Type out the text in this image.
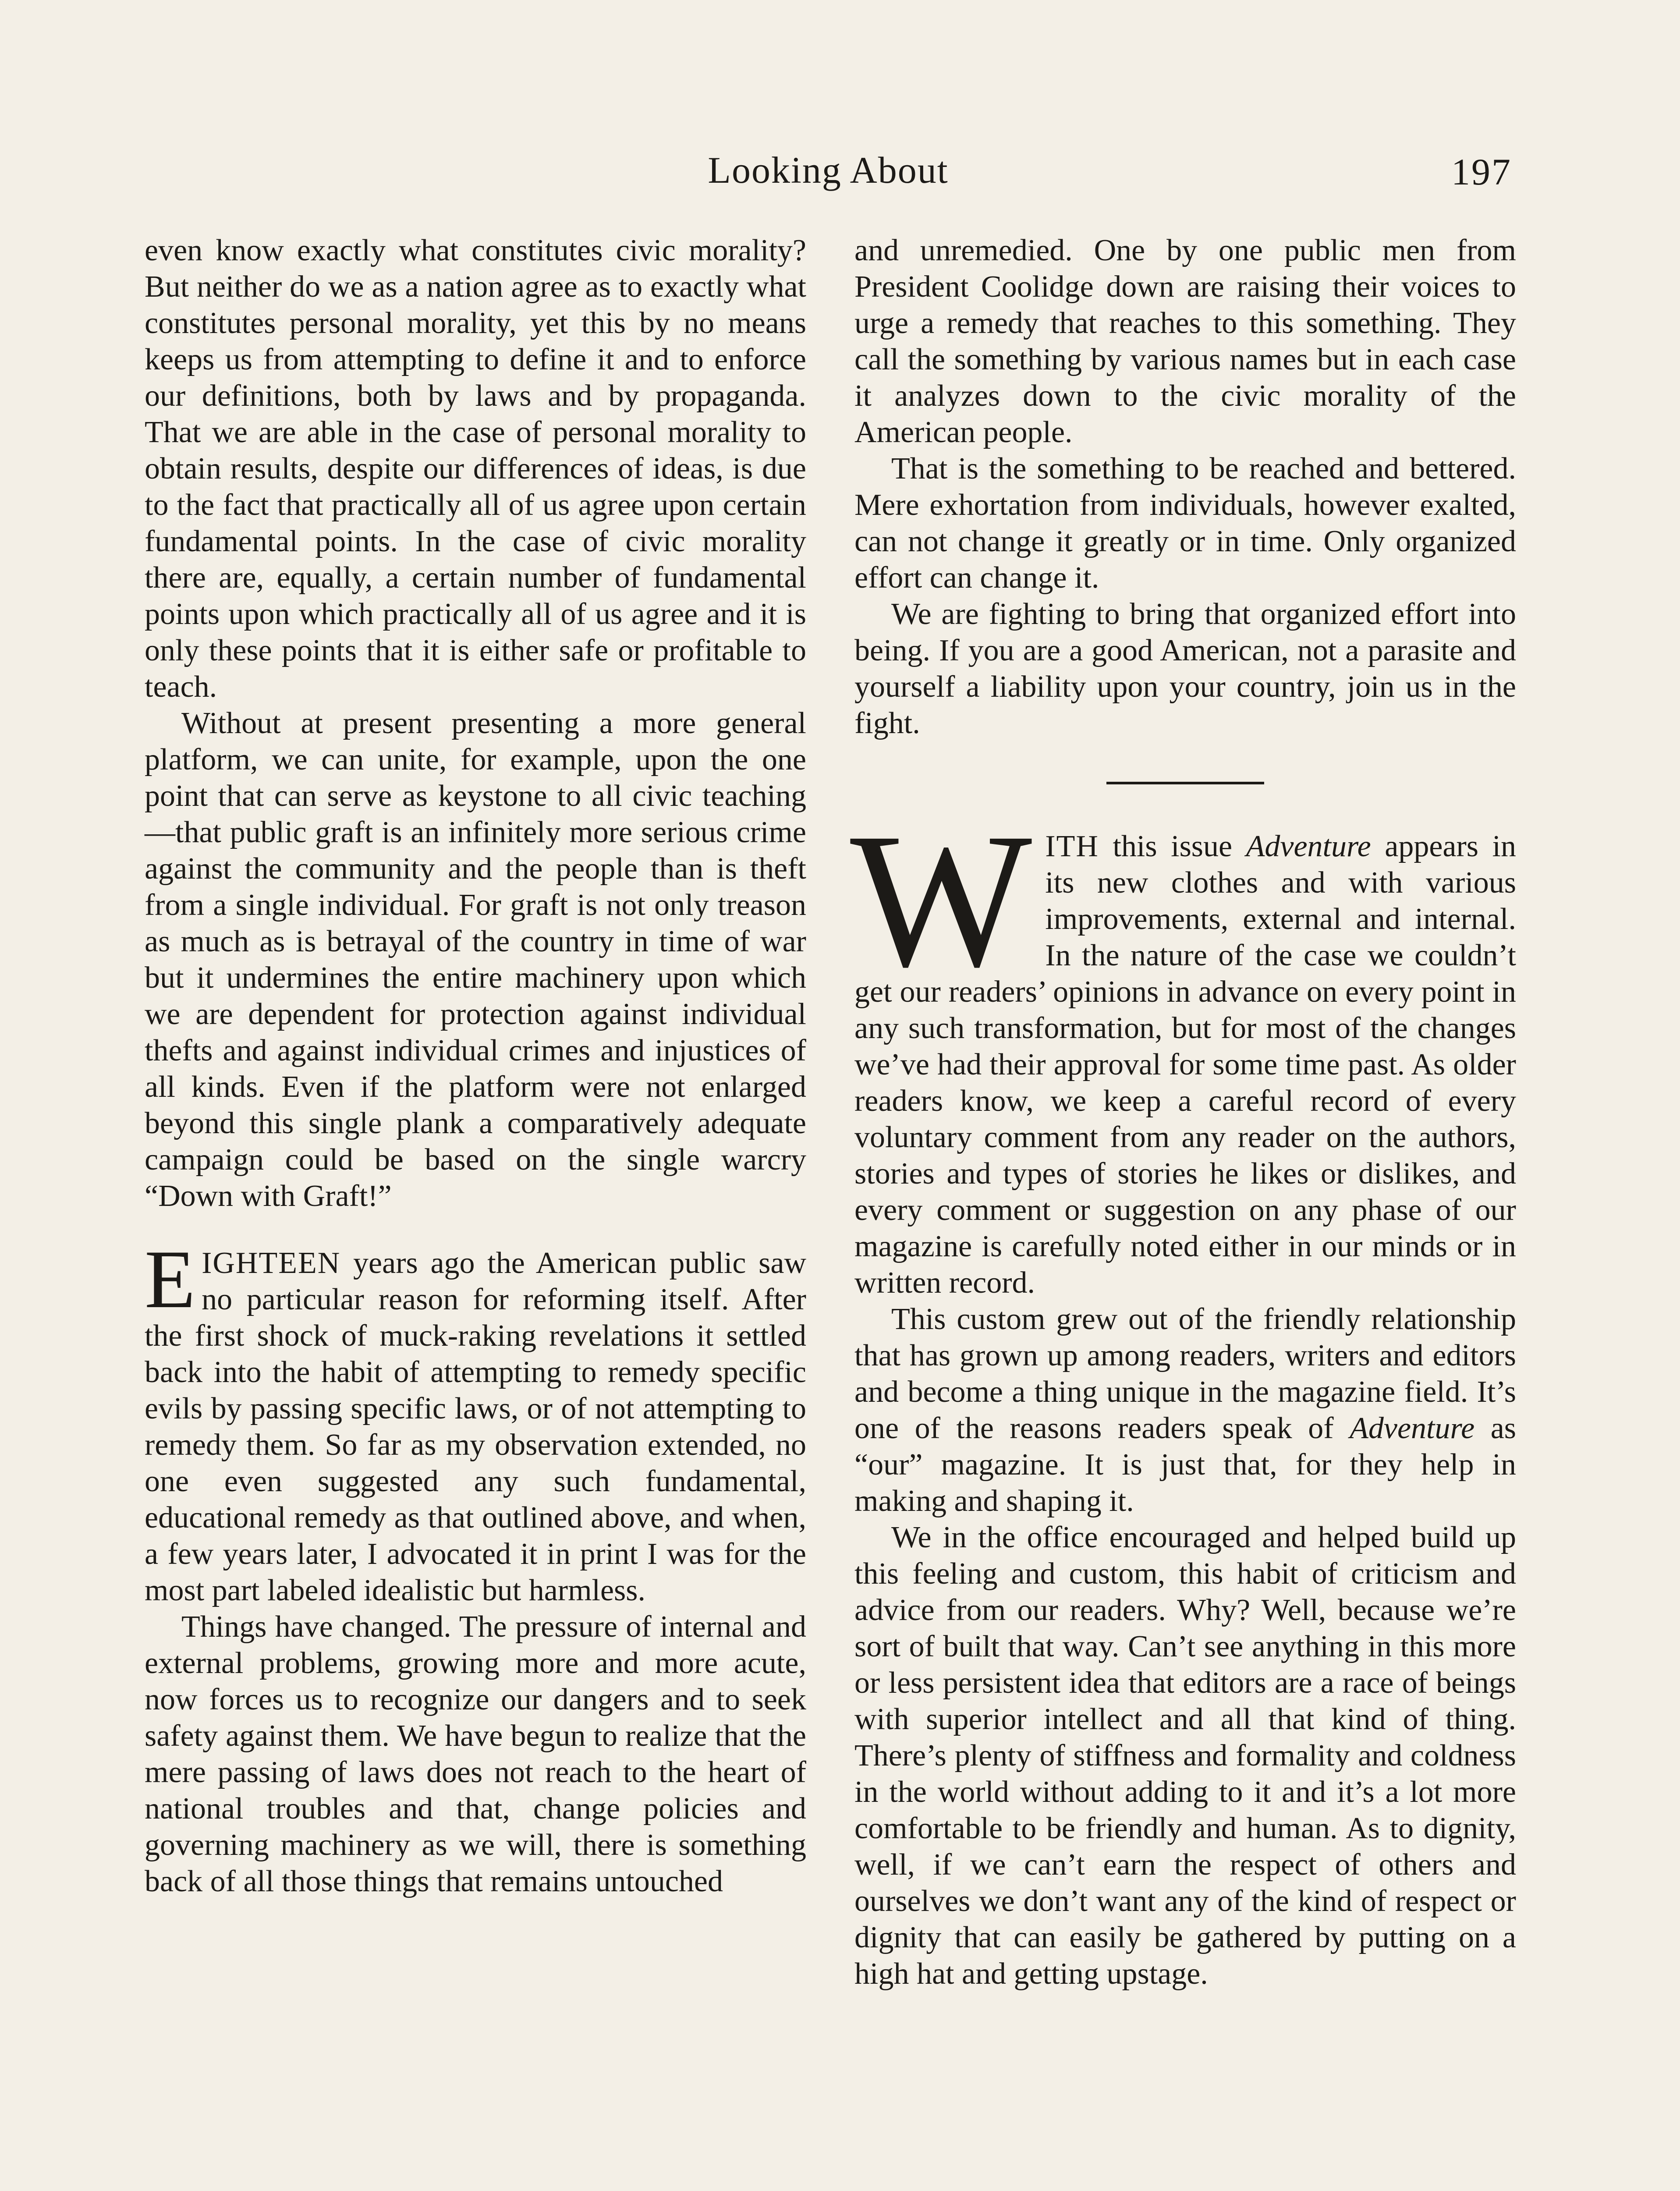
Looking About	197

even know exactly what constitutes civic morality? But neither do we as a nation agree as to exactly what constitutes personal morality, yet this by no means keeps us from attempting to define it and to enforce our definitions, both by laws and by propaganda. That we are able in the case of personal morality to obtain results, despite our differences of ideas, is due to the fact that practically all of us agree upon certain fundamental points. In the case of civic morality there are, equally, a certain number of fundamental points upon which practically all of us agree and it is only these points that it is either safe or profitable to teach.

Without at present presenting a more general platform, we can unite, for example, upon the one point that can serve as keystone to all civic teaching—that public graft is an infinitely more serious crime against the community and the people than is theft from a single individual. For graft is not only treason as much as is betrayal of the country in time of war but it undermines the entire machinery upon which we are dependent for protection against individual thefts and against individual crimes and injustices of all kinds. Even if the platform were not enlarged beyond this single plank a comparatively adequate campaign could be based on the single warcry “Down with Graft!”

EIGHTEEN years ago the American public saw no particular reason for reforming itself. After the first shock of muck-raking revelations it settled back into the habit of attempting to remedy specific evils by passing specific laws, or of not attempting to remedy them. So far as my observation extended, no one even suggested any such fundamental, educational remedy as that outlined above, and when, a few years later, I advocated it in print I was for the most part labeled idealistic but harmless.

Things have changed. The pressure of internal and external problems, growing more and more acute, now forces us to recognize our dangers and to seek safety against them. We have begun to realize that the mere passing of laws does not reach to the heart of national troubles and that, change policies and governing machinery as we will, there is something back of all those things that remains untouched

and unremedied. One by one public men from President Coolidge down are raising their voices to urge a remedy that reaches to this something. They call the something by various names but in each case it analyzes down to the civic morality of the American people.

That is the something to be reached and bettered. Mere exhortation from individuals, however exalted, can not change it greatly or in time. Only organized effort can change it.

We are fighting to bring that organized effort into being. If you are a good American, not a parasite and yourself a liability upon your country, join us in the fight.

WITH this issue Adventure appears in its new clothes and with various improvements, external and internal. In the nature of the case we couldn’t get our readers’ opinions in advance on every point in any such transformation, but for most of the changes we’ve had their approval for some time past. As older readers know, we keep a careful record of every voluntary comment from any reader on the authors, stories and types of stories he likes or dislikes, and every comment or suggestion on any phase of our magazine is carefully noted either in our minds or in written record.

This custom grew out of the friendly relationship that has grown up among readers, writers and editors and become a thing unique in the magazine field. It’s one of the reasons readers speak of Adventure as “our” magazine. It is just that, for they help in making and shaping it.

We in the office encouraged and helped build up this feeling and custom, this habit of criticism and advice from our readers. Why? Well, because we’re sort of built that way. Can’t see anything in this more or less persistent idea that editors are a race of beings with superior intellect and all that kind of thing. There’s plenty of stiffness and formality and coldness in the world without adding to it and it’s a lot more comfortable to be friendly and human. As to dignity, well, if we can’t earn the respect of others and ourselves we don’t want any of the kind of respect or dignity that can easily be gathered by putting on a high hat and getting upstage.
